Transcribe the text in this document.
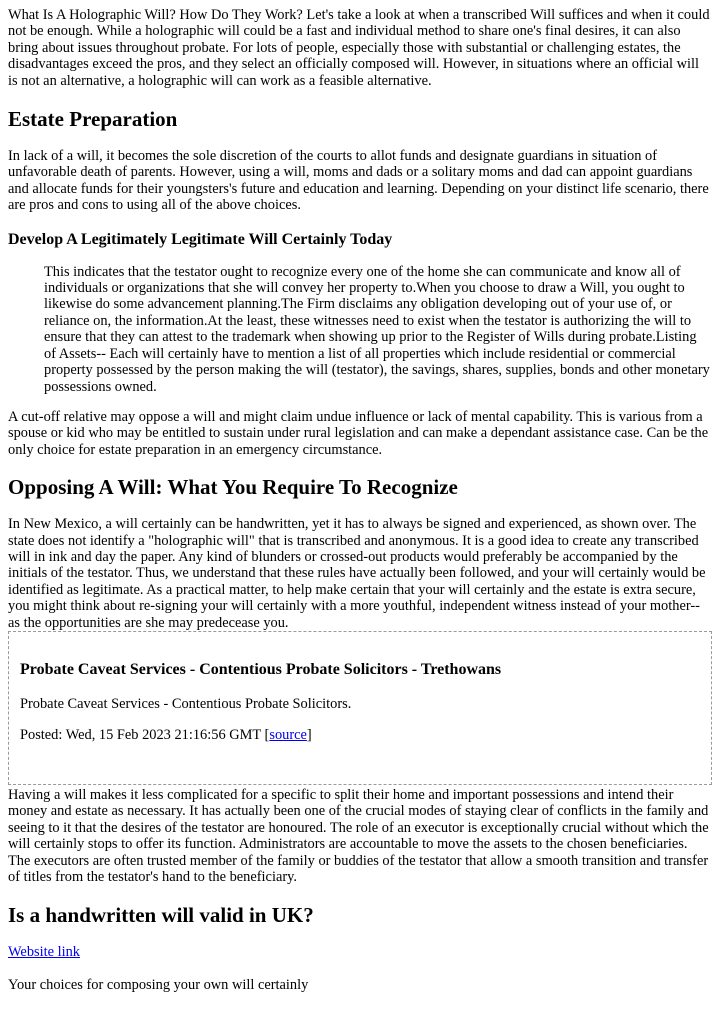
What Is A Holographic Will? How Do They Work? Let's take a look at when a transcribed Will suffices and when it could not be enough. While a holographic will could be a fast and individual method to share one's final desires, it can also bring about issues throughout probate. For lots of people, especially those with substantial or challenging estates, the disadvantages exceed the pros, and they select an officially composed will. However, in situations where an official will is not an alternative, a holographic will can work as a feasible alternative.

Estate Preparation

In lack of a will, it becomes the sole discretion of the courts to allot funds and designate guardians in situation of unfavorable death of parents. However, using a will, moms and dads or a solitary moms and dad can appoint guardians and allocate funds for their youngsters's future and education and learning. Depending on your distinct life scenario, there are pros and cons to using all of the above choices.

Develop A Legitimately Legitimate Will Certainly Today

This indicates that the testator ought to recognize every one of the home she can communicate and know all of individuals or organizations that she will convey her property to.When you choose to draw a Will, you ought to likewise do some advancement planning.The Firm disclaims any obligation developing out of your use of, or reliance on, the information.At the least, these witnesses need to exist when the testator is authorizing the will to ensure that they can attest to the trademark when showing up prior to the Register of Wills during probate.Listing of Assets-- Each will certainly have to mention a list of all properties which include residential or commercial property possessed by the person making the will (testator), the savings, shares, supplies, bonds and other monetary possessions owned.

A cut-off relative may oppose a will and might claim undue influence or lack of mental capability. This is various from a spouse or kid who may be entitled to sustain under rural legislation and can make a dependant assistance case. Can be the only choice for estate preparation in an emergency circumstance.

Opposing A Will: What You Require To Recognize

In New Mexico, a will certainly can be handwritten, yet it has to always be signed and experienced, as shown over. The state does not identify a "holographic will" that is transcribed and anonymous. It is a good idea to create any transcribed will in ink and day the paper. Any kind of blunders or crossed-out products would preferably be accompanied by the initials of the testator. Thus, we understand that these rules have actually been followed, and your will certainly would be identified as legitimate. As a practical matter, to help make certain that your will certainly and the estate is extra secure, you might think about re-signing your will certainly with a more youthful, independent witness instead of your mother-- as the opportunities are she may predecease you.

Probate Caveat Services - Contentious Probate Solicitors - Trethowans

Probate Caveat Services - Contentious Probate Solicitors.

Posted: Wed, 15 Feb 2023 21:16:56 GMT [source]

Having a will makes it less complicated for a specific to split their home and important possessions and intend their money and estate as necessary. It has actually been one of the crucial modes of staying clear of conflicts in the family and seeing to it that the desires of the testator are honoured. The role of an executor is exceptionally crucial without which the will certainly stops to offer its function. Administrators are accountable to move the assets to the chosen beneficiaries. The executors are often trusted member of the family or buddies of the testator that allow a smooth transition and transfer of titles from the testator's hand to the beneficiary.

Is a handwritten will valid in UK?

Website link

Your choices for composing your own will certainly
